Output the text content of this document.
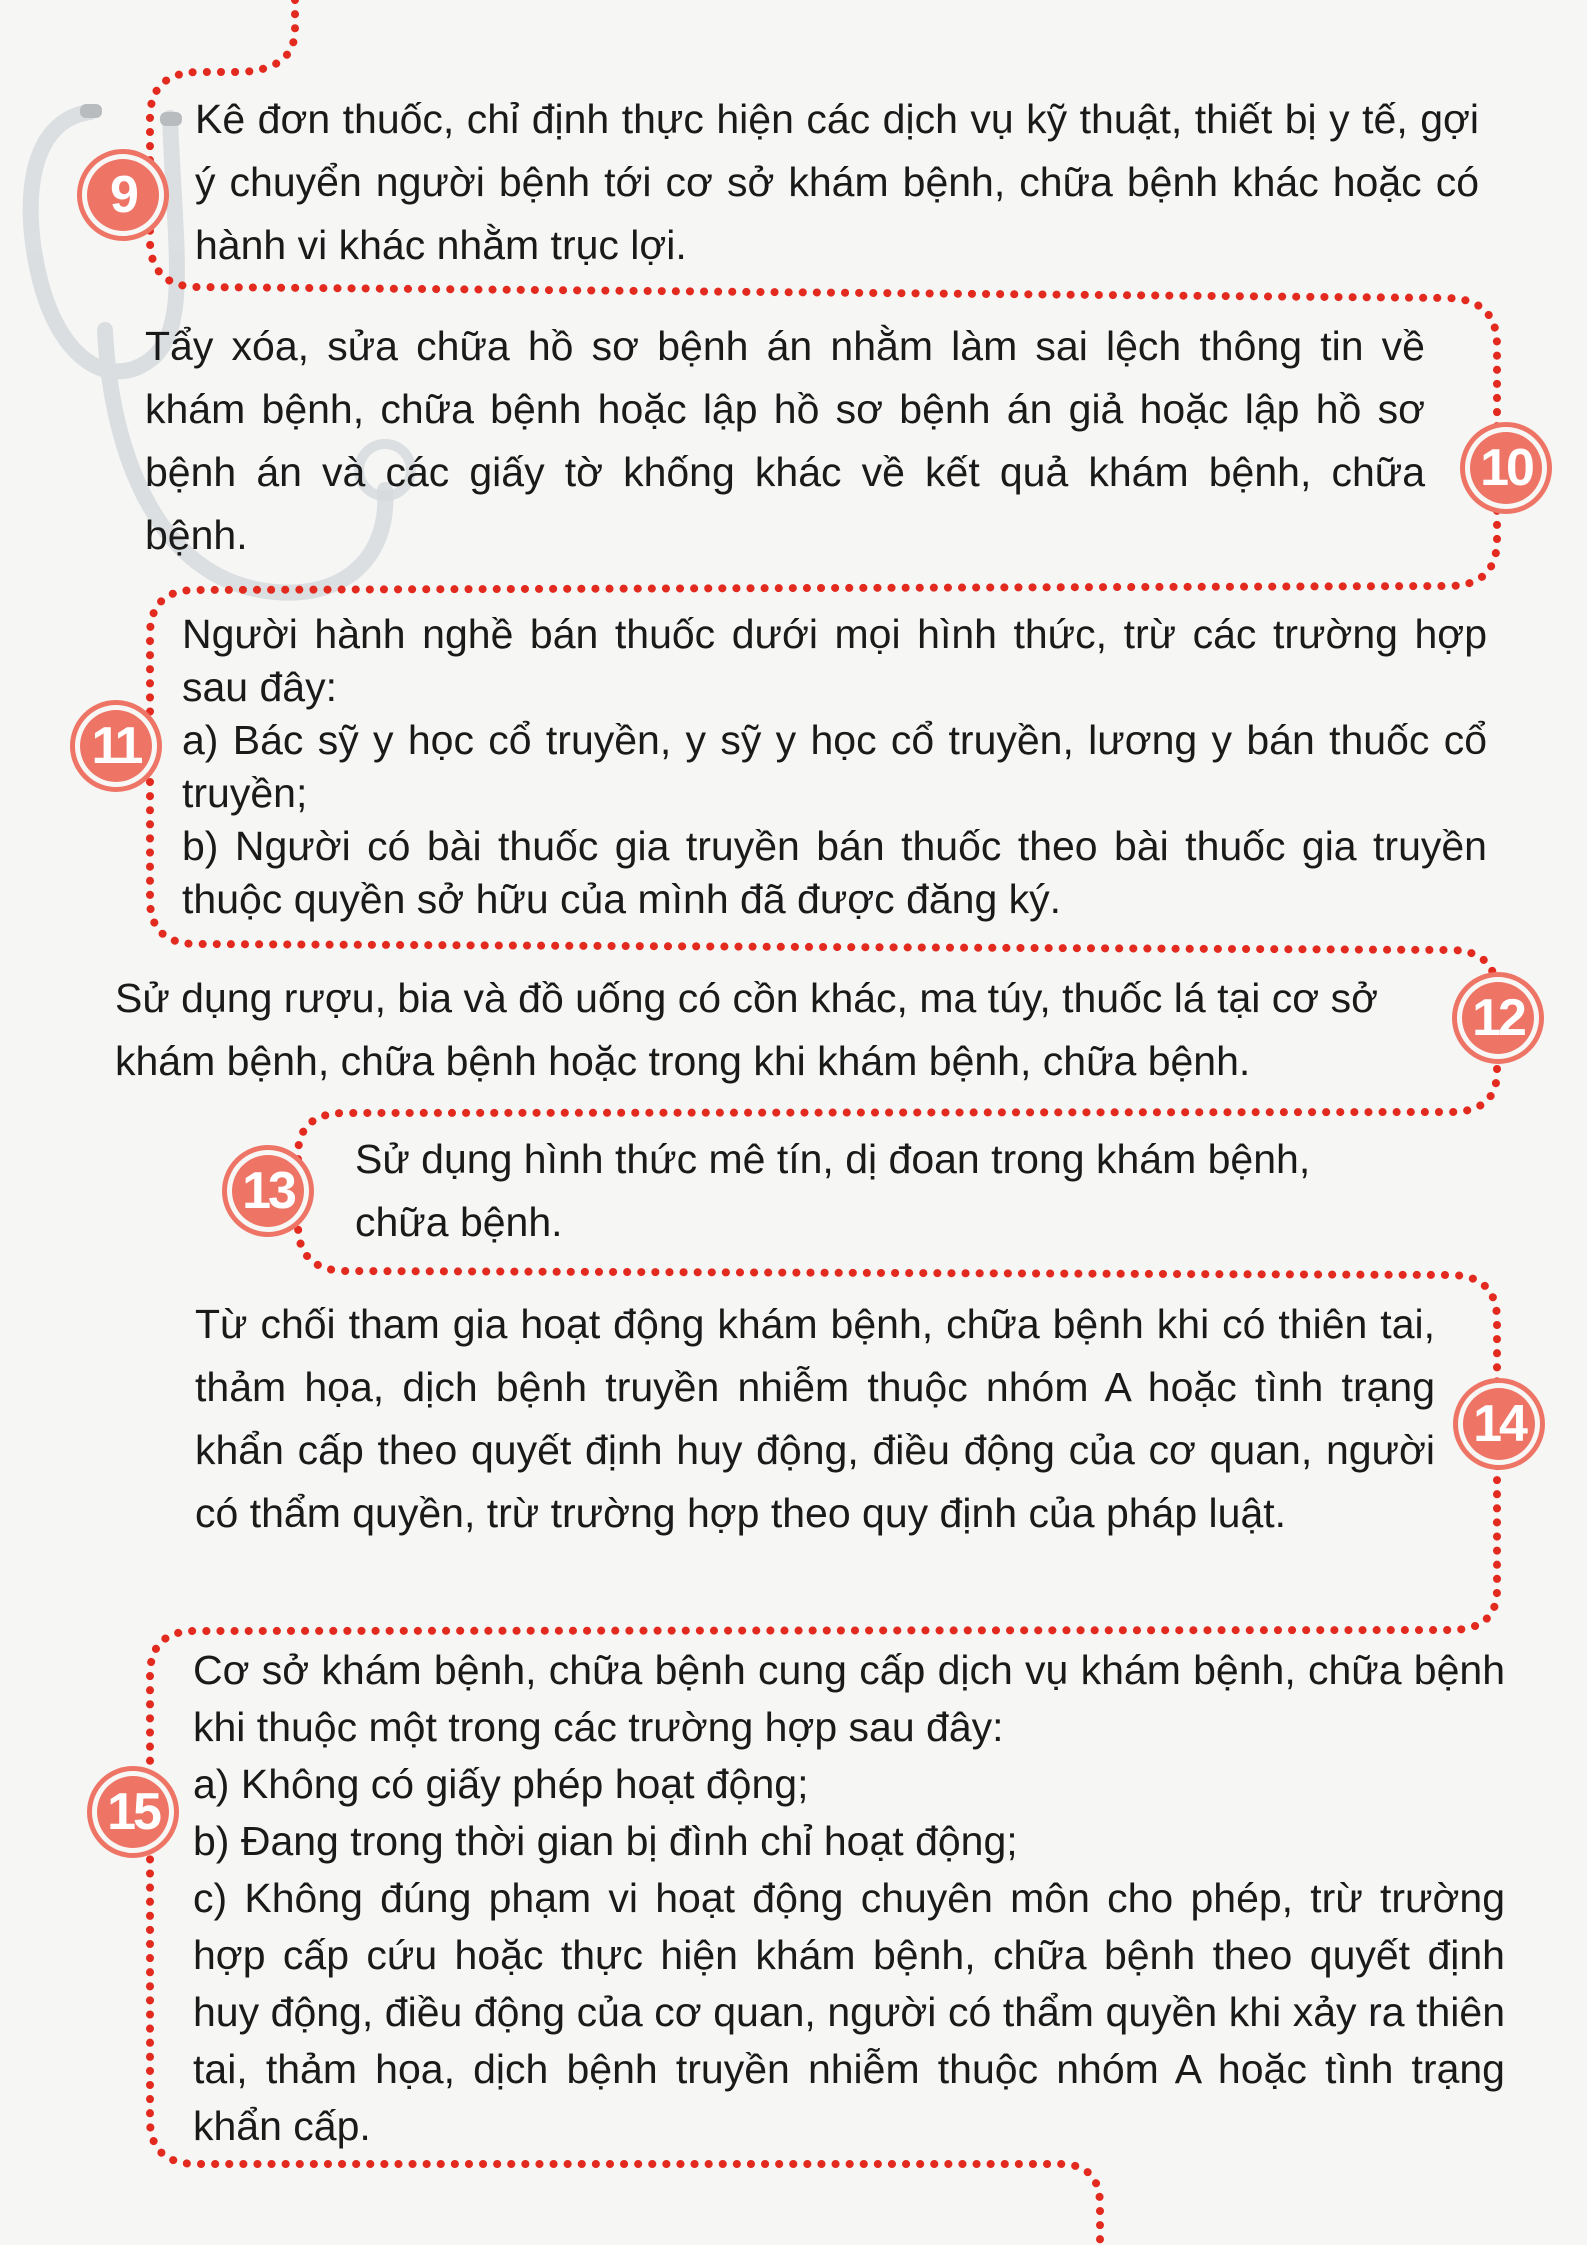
9

Kê đơn thuốc, chỉ định thực hiện các dịch vụ kỹ thuật, thiết bị y tế, gợi ý chuyển người bệnh tới cơ sở khám bệnh, chữa bệnh khác hoặc có hành vi khác nhằm trục lợi.

10

Tẩy xóa, sửa chữa hồ sơ bệnh án nhằm làm sai lệch thông tin về khám bệnh, chữa bệnh hoặc lập hồ sơ bệnh án giả hoặc lập hồ sơ bệnh án và các giấy tờ khống khác về kết quả khám bệnh, chữa bệnh.

11

Người hành nghề bán thuốc dưới mọi hình thức, trừ các trường hợp sau đây:

a) Bác sỹ y học cổ truyền, y sỹ y học cổ truyền, lương y bán thuốc cổ truyền;

b) Người có bài thuốc gia truyền bán thuốc theo bài thuốc gia truyền thuộc quyền sở hữu của mình đã được đăng ký.

12

Sử dụng rượu, bia và đồ uống có cồn khác, ma túy, thuốc lá tại cơ sở khám bệnh, chữa bệnh hoặc trong khi khám bệnh, chữa bệnh.

13

Sử dụng hình thức mê tín, dị đoan trong khám bệnh, chữa bệnh.

14

Từ chối tham gia hoạt động khám bệnh, chữa bệnh khi có thiên tai, thảm họa, dịch bệnh truyền nhiễm thuộc nhóm A hoặc tình trạng khẩn cấp theo quyết định huy động, điều động của cơ quan, người có thẩm quyền, trừ trường hợp theo quy định của pháp luật.

15

Cơ sở khám bệnh, chữa bệnh cung cấp dịch vụ khám bệnh, chữa bệnh khi thuộc một trong các trường hợp sau đây:

a) Không có giấy phép hoạt động;

b) Đang trong thời gian bị đình chỉ hoạt động;

c) Không đúng phạm vi hoạt động chuyên môn cho phép, trừ trường hợp cấp cứu hoặc thực hiện khám bệnh, chữa bệnh theo quyết định huy động, điều động của cơ quan, người có thẩm quyền khi xảy ra thiên tai, thảm họa, dịch bệnh truyền nhiễm thuộc nhóm A hoặc tình trạng khẩn cấp.
